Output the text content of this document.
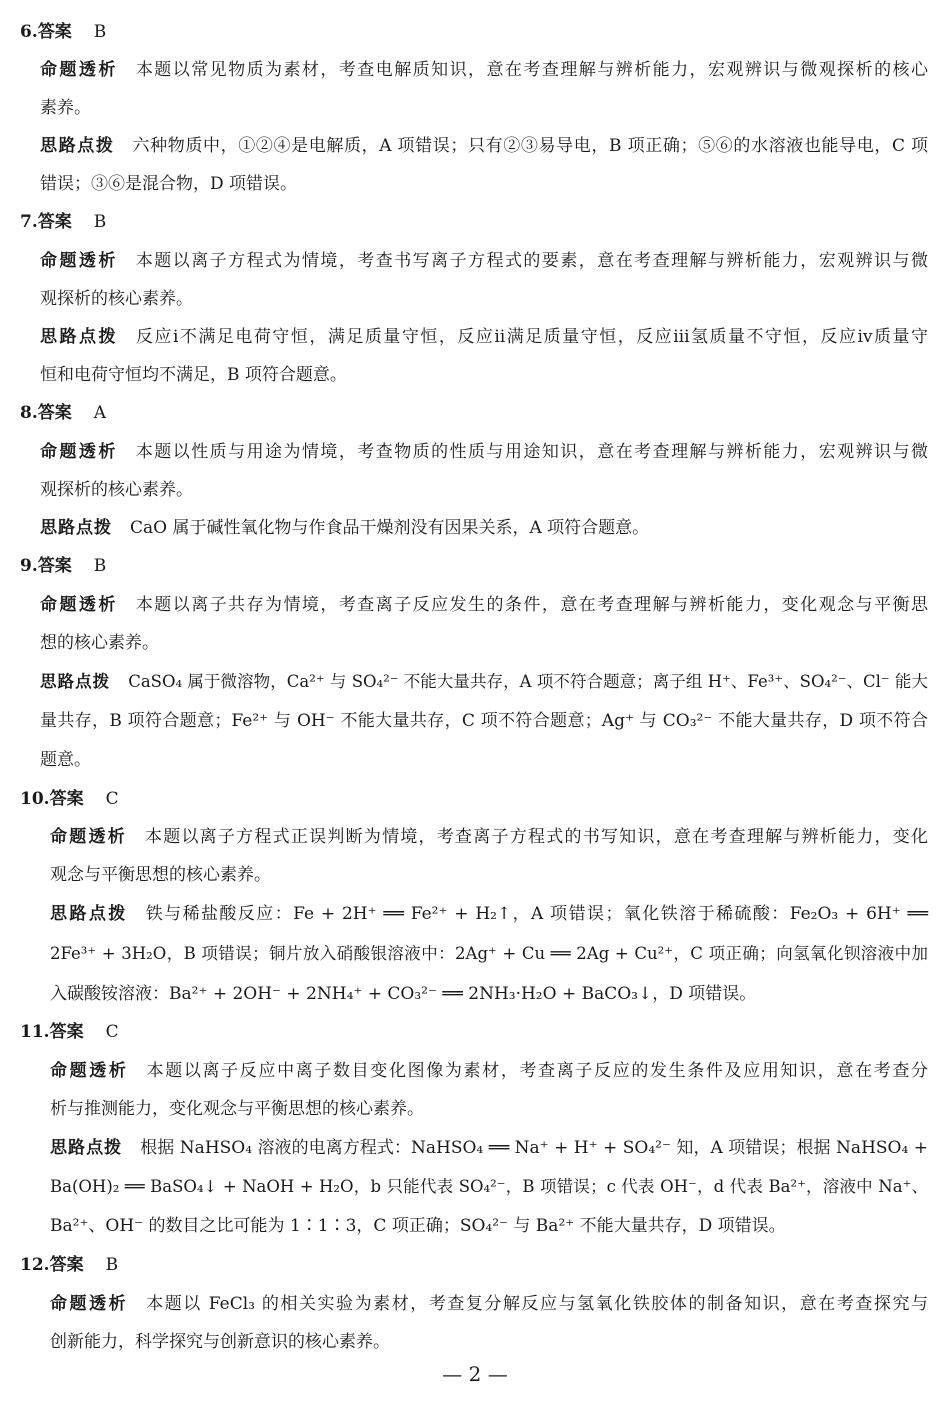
6.答案 B
命题透析 本题以常见物质为素材，考查电解质知识，意在考查理解与辨析能力，宏观辨识与微观探析的核心
素养。
思路点拨 六种物质中，①②④是电解质，A 项错误；只有②③易导电，B 项正确；⑤⑥的水溶液也能导电，C 项
错误；③⑥是混合物，D 项错误。
7.答案 B
命题透析 本题以离子方程式为情境，考查书写离子方程式的要素，意在考查理解与辨析能力，宏观辨识与微
观探析的核心素养。
思路点拨 反应ⅰ不满足电荷守恒，满足质量守恒，反应ⅱ满足质量守恒，反应ⅲ氢质量不守恒，反应ⅳ质量守
恒和电荷守恒均不满足，B 项符合题意。
8.答案 A
命题透析 本题以性质与用途为情境，考查物质的性质与用途知识，意在考查理解与辨析能力，宏观辨识与微
观探析的核心素养。
思路点拨 CaO 属于碱性氧化物与作食品干燥剂没有因果关系，A 项符合题意。
9.答案 B
命题透析 本题以离子共存为情境，考查离子反应发生的条件，意在考查理解与辨析能力，变化观念与平衡思
想的核心素养。
思路点拨 CaSO₄ 属于微溶物，Ca²⁺ 与 SO₄²⁻ 不能大量共存，A 项不符合题意；离子组 H⁺、Fe³⁺、SO₄²⁻、Cl⁻ 能大
量共存，B 项符合题意；Fe²⁺ 与 OH⁻ 不能大量共存，C 项不符合题意；Ag⁺ 与 CO₃²⁻ 不能大量共存，D 项不符合
题意。
10.答案 C
命题透析 本题以离子方程式正误判断为情境，考查离子方程式的书写知识，意在考查理解与辨析能力，变化
观念与平衡思想的核心素养。
思路点拨 铁与稀盐酸反应：Fe + 2H⁺ ══ Fe²⁺ + H₂↑，A 项错误；氧化铁溶于稀硫酸：Fe₂O₃ + 6H⁺ ══
2Fe³⁺ + 3H₂O，B 项错误；铜片放入硝酸银溶液中：2Ag⁺ + Cu ══ 2Ag + Cu²⁺，C 项正确；向氢氧化钡溶液中加
入碳酸铵溶液：Ba²⁺ + 2OH⁻ + 2NH₄⁺ + CO₃²⁻ ══ 2NH₃·H₂O + BaCO₃↓，D 项错误。
11.答案 C
命题透析 本题以离子反应中离子数目变化图像为素材，考查离子反应的发生条件及应用知识，意在考查分
析与推测能力，变化观念与平衡思想的核心素养。
思路点拨 根据 NaHSO₄ 溶液的电离方程式：NaHSO₄ ══ Na⁺ + H⁺ + SO₄²⁻ 知，A 项错误；根据 NaHSO₄ +
Ba(OH)₂ ══ BaSO₄↓ + NaOH + H₂O，b 只能代表 SO₄²⁻，B 项错误；c 代表 OH⁻，d 代表 Ba²⁺，溶液中 Na⁺、
Ba²⁺、OH⁻ 的数目之比可能为 1∶1∶3，C 项正确；SO₄²⁻ 与 Ba²⁺ 不能大量共存，D 项错误。
12.答案 B
命题透析 本题以 FeCl₃ 的相关实验为素材，考查复分解反应与氢氧化铁胶体的制备知识，意在考查探究与
创新能力，科学探究与创新意识的核心素养。
— 2 —
